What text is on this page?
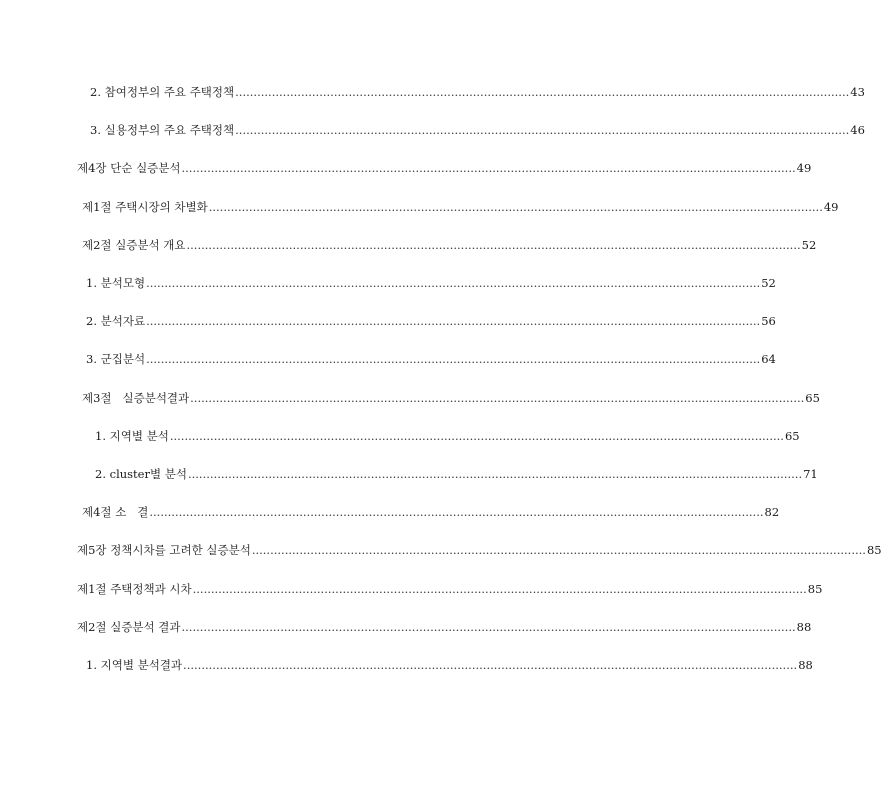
2. 참여정부의 주요 주택정책 ........................................................................................................................................................................ 43
3. 실용정부의 주요 주택정책 ........................................................................................................................................................................ 46
제4장 단순 실증분석 ........................................................................................................................................................................ 49
제1절 주택시장의 차별화 ........................................................................................................................................................................ 49
제2절 실증분석 개요 ........................................................................................................................................................................ 52
1. 분석모형 ........................................................................................................................................................................ 52
2. 분석자료 ........................................................................................................................................................................ 56
3. 군집분석 ........................................................................................................................................................................ 64
제3절   실증분석결과 ........................................................................................................................................................................ 65
1. 지역별 분석 ........................................................................................................................................................................ 65
2. cluster별 분석 ........................................................................................................................................................................ 71
제4절 소   결 ........................................................................................................................................................................ 82
제5장 정책시차를 고려한 실증분석 ........................................................................................................................................................................ 85
제1절 주택정책과 시차 ........................................................................................................................................................................ 85
제2절 실증분석 결과 ........................................................................................................................................................................ 88
1. 지역별 분석결과 ........................................................................................................................................................................ 88
